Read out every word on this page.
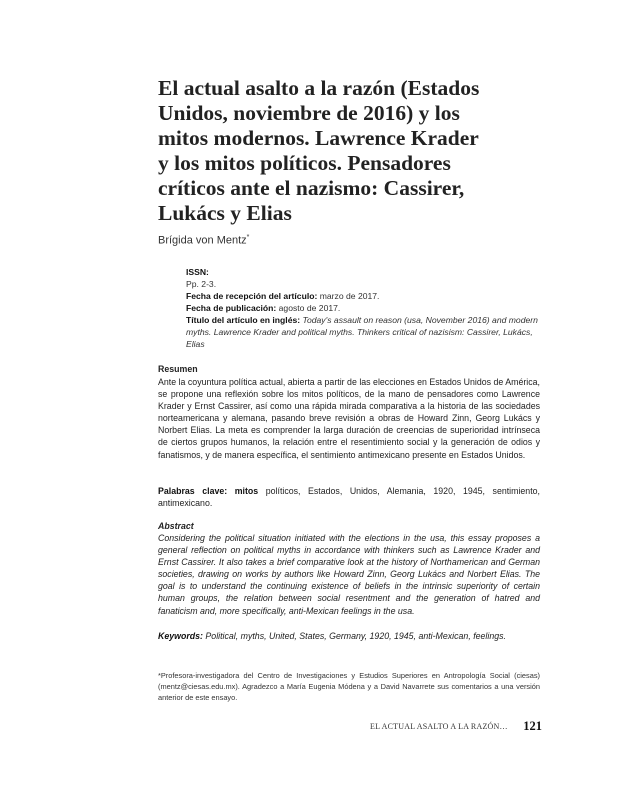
El actual asalto a la razón (Estados
Unidos, noviembre de 2016) y los
mitos modernos. Lawrence Krader
y los mitos políticos. Pensadores
críticos ante el nazismo: Cassirer,
Lukács y Elias
Brígida von Mentz*
ISSN:
Pp. 2-3.
Fecha de recepción del artículo: marzo de 2017.
Fecha de publicación: agosto de 2017.
Título del artículo en inglés: Today's assault on reason (usa, November 2016) and modern myths. Lawrence Krader and political myths. Thinkers critical of nazisism: Cassirer, Lukács, Elias
Resumen
Ante la coyuntura política actual, abierta a partir de las elecciones en Estados Unidos de América, se propone una reflexión sobre los mitos políticos, de la mano de pensadores como Lawrence Krader y Ernst Cassirer, así como una rápida mirada comparativa a la historia de las sociedades norteamericana y alemana, pasando breve revisión a obras de Howard Zinn, Georg Lukács y Norbert Elias. La meta es comprender la larga duración de creencias de superioridad intrínseca de ciertos grupos humanos, la relación entre el resentimiento social y la generación de odios y fanatismos, y de manera específica, el sentimiento antimexicano presente en Estados Unidos.
Palabras clave: mitos políticos, Estados, Unidos, Alemania, 1920, 1945, sentimiento, antimexicano.
Abstract
Considering the political situation initiated with the elections in the usa, this essay proposes a general reflection on political myths in accordance with thinkers such as Lawrence Krader and Ernst Cassirer. It also takes a brief comparative look at the history of Northamerican and German societies, drawing on works by authors like Howard Zinn, Georg Lukács and Norbert Elias. The goal is to understand the continuing existence of beliefs in the intrinsic superiority of certain human groups, the relation between social resentment and the generation of hatred and fanaticism and, more specifically, anti-Mexican feelings in the usa.
Keywords: Political, myths, United, States, Germany, 1920, 1945, anti-Mexican, feelings.
*Profesora-investigadora del Centro de Investigaciones y Estudios Superiores en Antropología Social (ciesas) (mentz@ciesas.edu.mx). Agradezco a María Eugenia Módena y a David Navarrete sus comentarios a una versión anterior de este ensayo.
EL ACTUAL ASALTO A LA RAZÓN… 121
